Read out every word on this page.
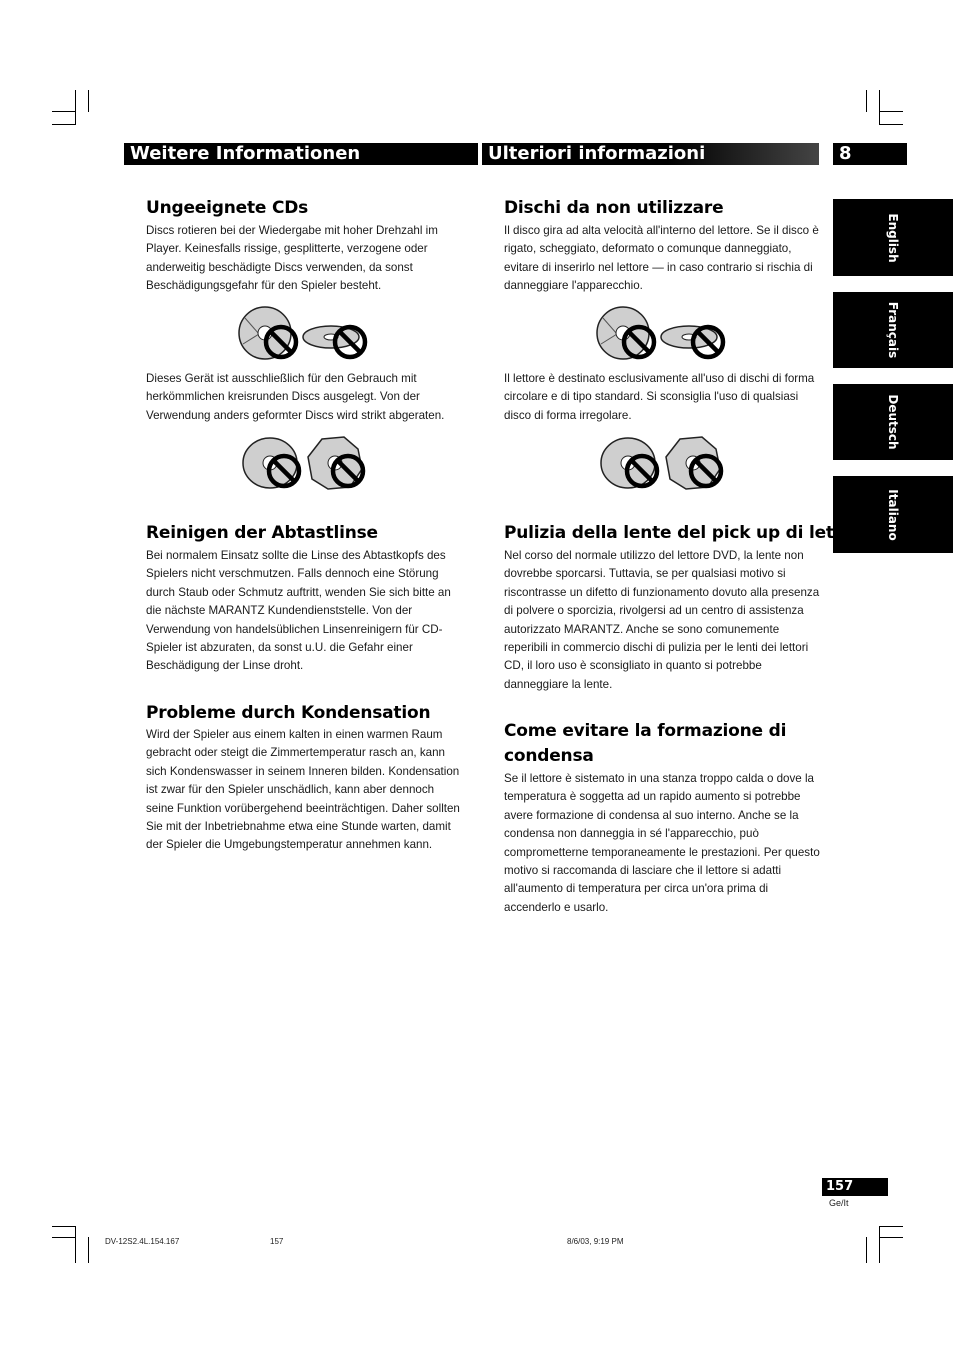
Weitere Informationen	Ulteriori informazioni	8
English
Français
Deutsch
Italiano
Ungeeignete CDs

Discs rotieren bei der Wiedergabe mit hoher Drehzahl im Player. Keinesfalls rissige, gesplitterte, verzogene oder anderweitig beschädigte Discs verwenden, da sonst Beschädigungsgefahr für den Spieler besteht.

Dieses Gerät ist ausschließlich für den Gebrauch mit herkömmlichen kreisrunden Discs ausgelegt. Von der Verwendung anders geformter Discs wird strikt abgeraten.

Reinigen der Abtastlinse

Bei normalem Einsatz sollte die Linse des Abtastkopfs des Spielers nicht verschmutzen. Falls dennoch eine Störung durch Staub oder Schmutz auftritt, wenden Sie sich bitte an die nächste MARANTZ Kundendienststelle. Von der Verwendung von handelsüblichen Linsenreinigern für CD-Spieler ist abzuraten, da sonst u.U. die Gefahr einer Beschädigung der Linse droht.

Probleme durch Kondensation

Wird der Spieler aus einem kalten in einen warmen Raum gebracht oder steigt die Zimmertemperatur rasch an, kann sich Kondenswasser in seinem Inneren bilden. Kondensation ist zwar für den Spieler unschädlich, kann aber dennoch seine Funktion vorübergehend beeinträchtigen. Daher sollten Sie mit der Inbetriebnahme etwa eine Stunde warten, damit der Spieler die Umgebungstemperatur annehmen kann.

Dischi da non utilizzare

Il disco gira ad alta velocità all'interno del lettore. Se il disco è rigato, scheggiato, deformato o comunque danneggiato, evitare di inserirlo nel lettore — in caso contrario si rischia di danneggiare l'apparecchio.

Il lettore è destinato esclusivamente all'uso di dischi di forma circolare e di tipo standard. Si sconsiglia l'uso di qualsiasi disco di forma irregolare.

Pulizia della lente del pick up di lettura

Nel corso del normale utilizzo del lettore DVD, la lente non dovrebbe sporcarsi. Tuttavia, se per qualsiasi motivo si riscontrasse un difetto di funzionamento dovuto alla presenza di polvere o sporcizia, rivolgersi ad un centro di assistenza autorizzato MARANTZ. Anche se sono comunemente reperibili in commercio dischi di pulizia per le lenti dei lettori CD, il loro uso è sconsigliato in quanto si potrebbe danneggiare la lente.

Come evitare la formazione di condensa

Se il lettore è sistemato in una stanza troppo calda o dove la temperatura è soggetta ad un rapido aumento si potrebbe avere formazione di condensa al suo interno. Anche se la condensa non danneggia in sé l'apparecchio, può comprometterne temporaneamente le prestazioni. Per questo motivo si raccomanda di lasciare che il lettore si adatti all'aumento di temperatura per circa un'ora prima di accenderlo e usarlo.

157
Ge/It
DV-12S2.4L.154.167	157	8/6/03, 9:19 PM
